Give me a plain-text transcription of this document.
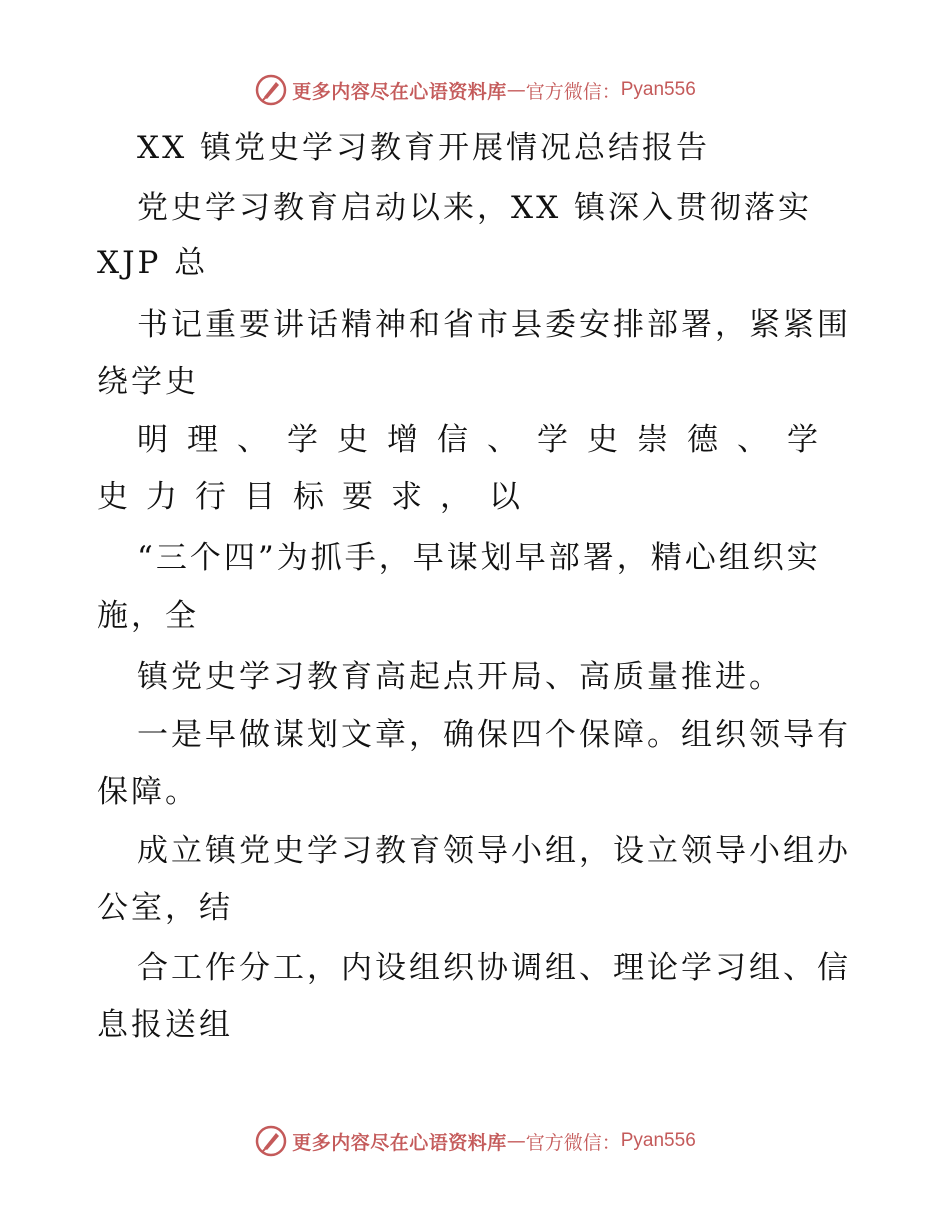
更多内容尽在心语资料库 — 官方微信： Pyan556
XX 镇党史学习教育开展情况总结报告
党史学习教育启动以来，XX 镇深入贯彻落实
XJP 总
书记重要讲话精神和省市县委安排部署，紧紧围
绕学史
明理、学史增信、学史崇德、学
史力行目标要求，以
“三个四”为抓手，早谋划早部署，精心组织实
施，全
镇党史学习教育高起点开局、高质量推进。
一是早做谋划文章，确保四个保障。组织领导有
保障。
成立镇党史学习教育领导小组，设立领导小组办
公室，结
合工作分工，内设组织协调组、理论学习组、信
息报送组
更多内容尽在心语资料库 — 官方微信： Pyan556
